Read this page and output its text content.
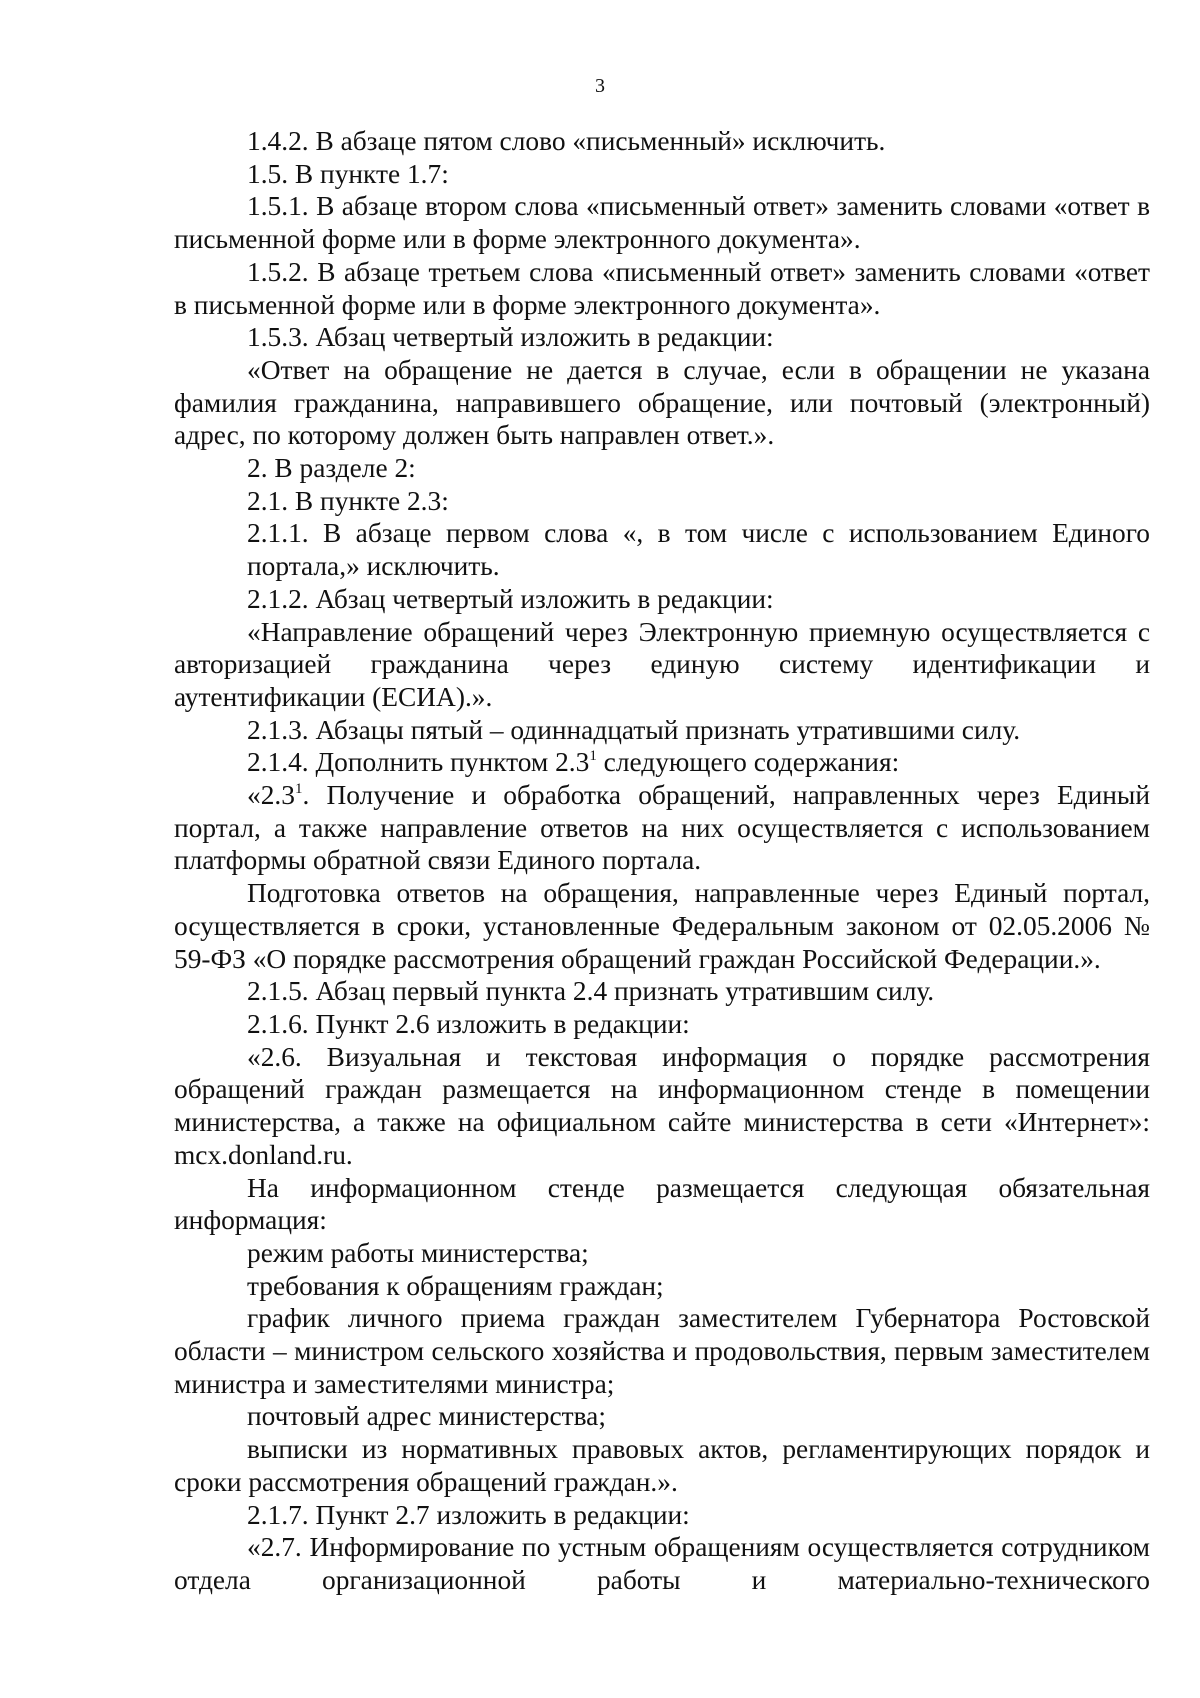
3

1.4.2. В абзаце пятом слово «письменный» исключить.

1.5. В пункте 1.7:

1.5.1. В абзаце втором слова «письменный ответ» заменить словами «ответ в письменной форме или в форме электронного документа».

1.5.2. В абзаце третьем слова «письменный ответ» заменить словами «ответ в письменной форме или в форме электронного документа».

1.5.3. Абзац четвертый изложить в редакции:

«Ответ на обращение не дается в случае, если в обращении не указана фамилия гражданина, направившего обращение, или почтовый (электронный) адрес, по которому должен быть направлен ответ.».

2. В разделе 2:

2.1. В пункте 2.3:

2.1.1. В абзаце первом слова «, в том числе с использованием Единого

портала,» исключить.

2.1.2. Абзац четвертый изложить в редакции:

«Направление обращений через Электронную приемную осуществляется с авторизацией гражданина через единую систему идентификации и аутентификации (ЕСИА).».

2.1.3. Абзацы пятый – одиннадцатый признать утратившими силу.

2.1.4. Дополнить пунктом $2.3^1$ следующего содержания:

«$2.3^1$. Получение и обработка обращений, направленных через Единый портал, а также направление ответов на них осуществляется с использованием платформы обратной связи Единого портала.

Подготовка ответов на обращения, направленные через Единый портал, осуществляется в сроки, установленные Федеральным законом от 02.05.2006 № 59-ФЗ «О порядке рассмотрения обращений граждан Российской Федерации.».

2.1.5. Абзац первый пункта 2.4 признать утратившим силу.

2.1.6. Пункт 2.6 изложить в редакции:

«2.6. Визуальная и текстовая информация о порядке рассмотрения обращений граждан размещается на информационном стенде в помещении министерства, а также на официальном сайте министерства в сети «Интернет»: mcx.donland.ru.

На информационном стенде размещается следующая обязательная информация:

режим работы министерства;

требования к обращениям граждан;

график личного приема граждан заместителем Губернатора Ростовской области – министром сельского хозяйства и продовольствия, первым заместителем министра и заместителями министра;

почтовый адрес министерства;

выписки из нормативных правовых актов, регламентирующих порядок и сроки рассмотрения обращений граждан.».

2.1.7. Пункт 2.7 изложить в редакции:

«2.7. Информирование по устным обращениям осуществляется сотрудником отдела организационной работы и материально-технического
